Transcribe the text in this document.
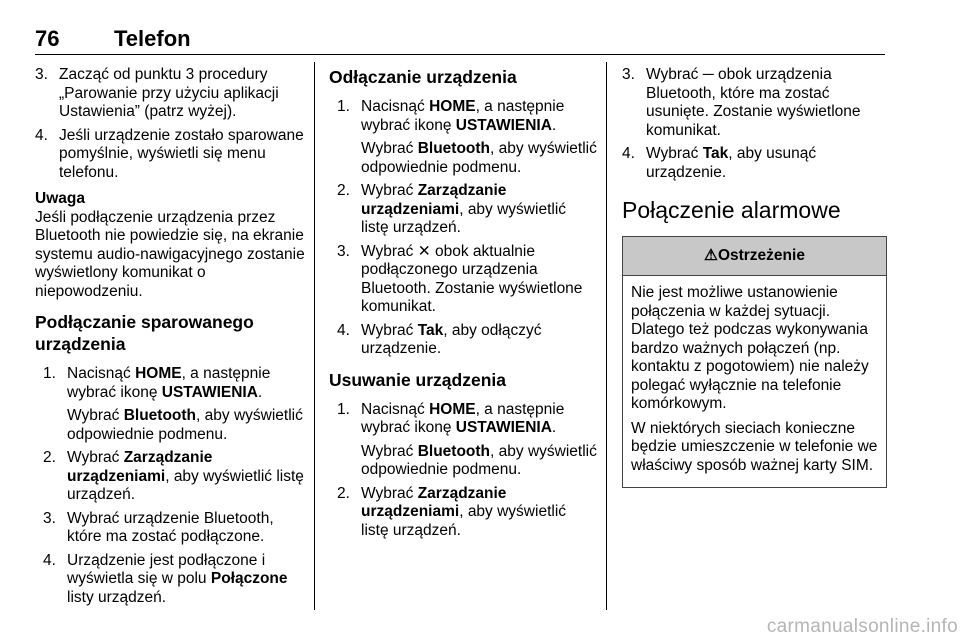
76 Telefon
3. Zacząć od punktu 3 procedury „Parowanie przy użyciu aplikacji Ustawienia” (patrz wyżej).
4. Jeśli urządzenie zostało sparowane pomyślnie, wyświetli się menu telefonu.
Uwaga
Jeśli podłączenie urządzenia przez Bluetooth nie powiedzie się, na ekranie systemu audio-nawigacyjnego zostanie wyświetlony komunikat o niepowodzeniu.
Podłączanie sparowanego urządzenia
1. Nacisnąć HOME, a następnie wybrać ikonę USTAWIENIA.
Wybrać Bluetooth, aby wyświetlić odpowiednie podmenu.
2. Wybrać Zarządzanie urządzeniami, aby wyświetlić listę urządzeń.
3. Wybrać urządzenie Bluetooth, które ma zostać podłączone.
4. Urządzenie jest podłączone i wyświetla się w polu Połączone listy urządzeń.
Odłączanie urządzenia
1. Nacisnąć HOME, a następnie wybrać ikonę USTAWIENIA.
Wybrać Bluetooth, aby wyświetlić odpowiednie podmenu.
2. Wybrać Zarządzanie urządzeniami, aby wyświetlić listę urządzeń.
3. Wybrać ✕ obok aktualnie podłączonego urządzenia Bluetooth. Zostanie wyświetlone komunikat.
4. Wybrać Tak, aby odłączyć urządzenie.
Usuwanie urządzenia
1. Nacisnąć HOME, a następnie wybrać ikonę USTAWIENIA.
Wybrać Bluetooth, aby wyświetlić odpowiednie podmenu.
2. Wybrać Zarządzanie urządzeniami, aby wyświetlić listę urządzeń.
3. Wybrać ─ obok urządzenia Bluetooth, które ma zostać usunięte. Zostanie wyświetlone komunikat.
4. Wybrać Tak, aby usunąć urządzenie.
Połączenie alarmowe
⚠ Ostrzeżenie

Nie jest możliwe ustanowienie połączenia w każdej sytuacji. Dlatego też podczas wykonywania bardzo ważnych połączeń (np. kontaktu z pogotowiem) nie należy polegać wyłącznie na telefonie komórkowym.

W niektórych sieciach konieczne będzie umieszczenie w telefonie we właściwy sposób ważnej karty SIM.

carmanualsonline.info
